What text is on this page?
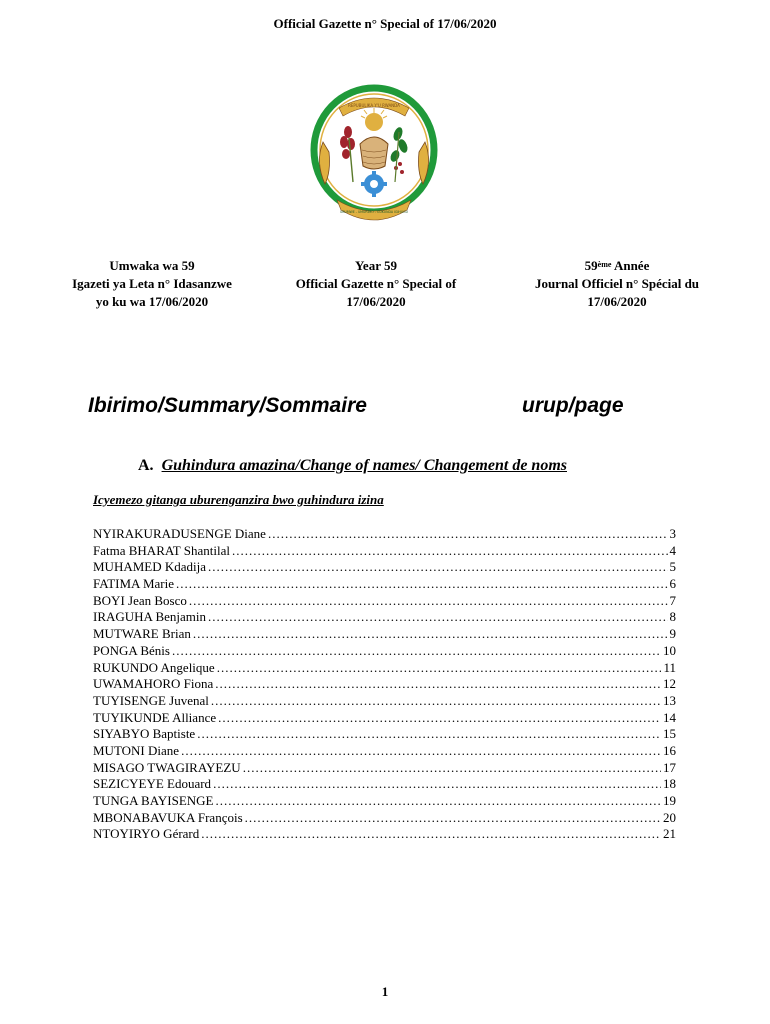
Official Gazette n° Special of 17/06/2020
REPUBULIKA Y'U RWANDA
UBUMWE - UMURIMO - GUKUNDA IGIHUGU
Umwaka wa 59
Igazeti ya Leta n° Idasanzwe
yo ku wa 17/06/2020
Year 59
Official Gazette n° Special of
17/06/2020
59ème Année
Journal Officiel n° Spécial du
17/06/2020
Ibirimo/Summary/Sommaire	urup/page
A. Guhindura amazina/Change of names/ Changement de noms
Icyemezo gitanga uburenganzira bwo guhindura izina
NYIRAKURADUSENGE Diane .....	3
Fatma BHARAT Shantilal .....	4
MUHAMED Kdadija .....	5
FATIMA Marie .....	6
BOYI Jean Bosco .....	7
IRAGUHA Benjamin .....	8
MUTWARE Brian .....	9
PONGA Bénis .....	10
RUKUNDO Angelique .....	11
UWAMAHORO Fiona .....	12
TUYISENGE Juvenal .....	13
TUYIKUNDE Alliance .....	14
SIYABYO Baptiste .....	15
MUTONI Diane .....	16
MISAGO TWAGIRAYEZU .....	17
SEZICYEYE Edouard .....	18
TUNGA BAYISENGE .....	19
MBONABAVUKA François .....	20
NTOYIRYO Gérard .....	21
1
